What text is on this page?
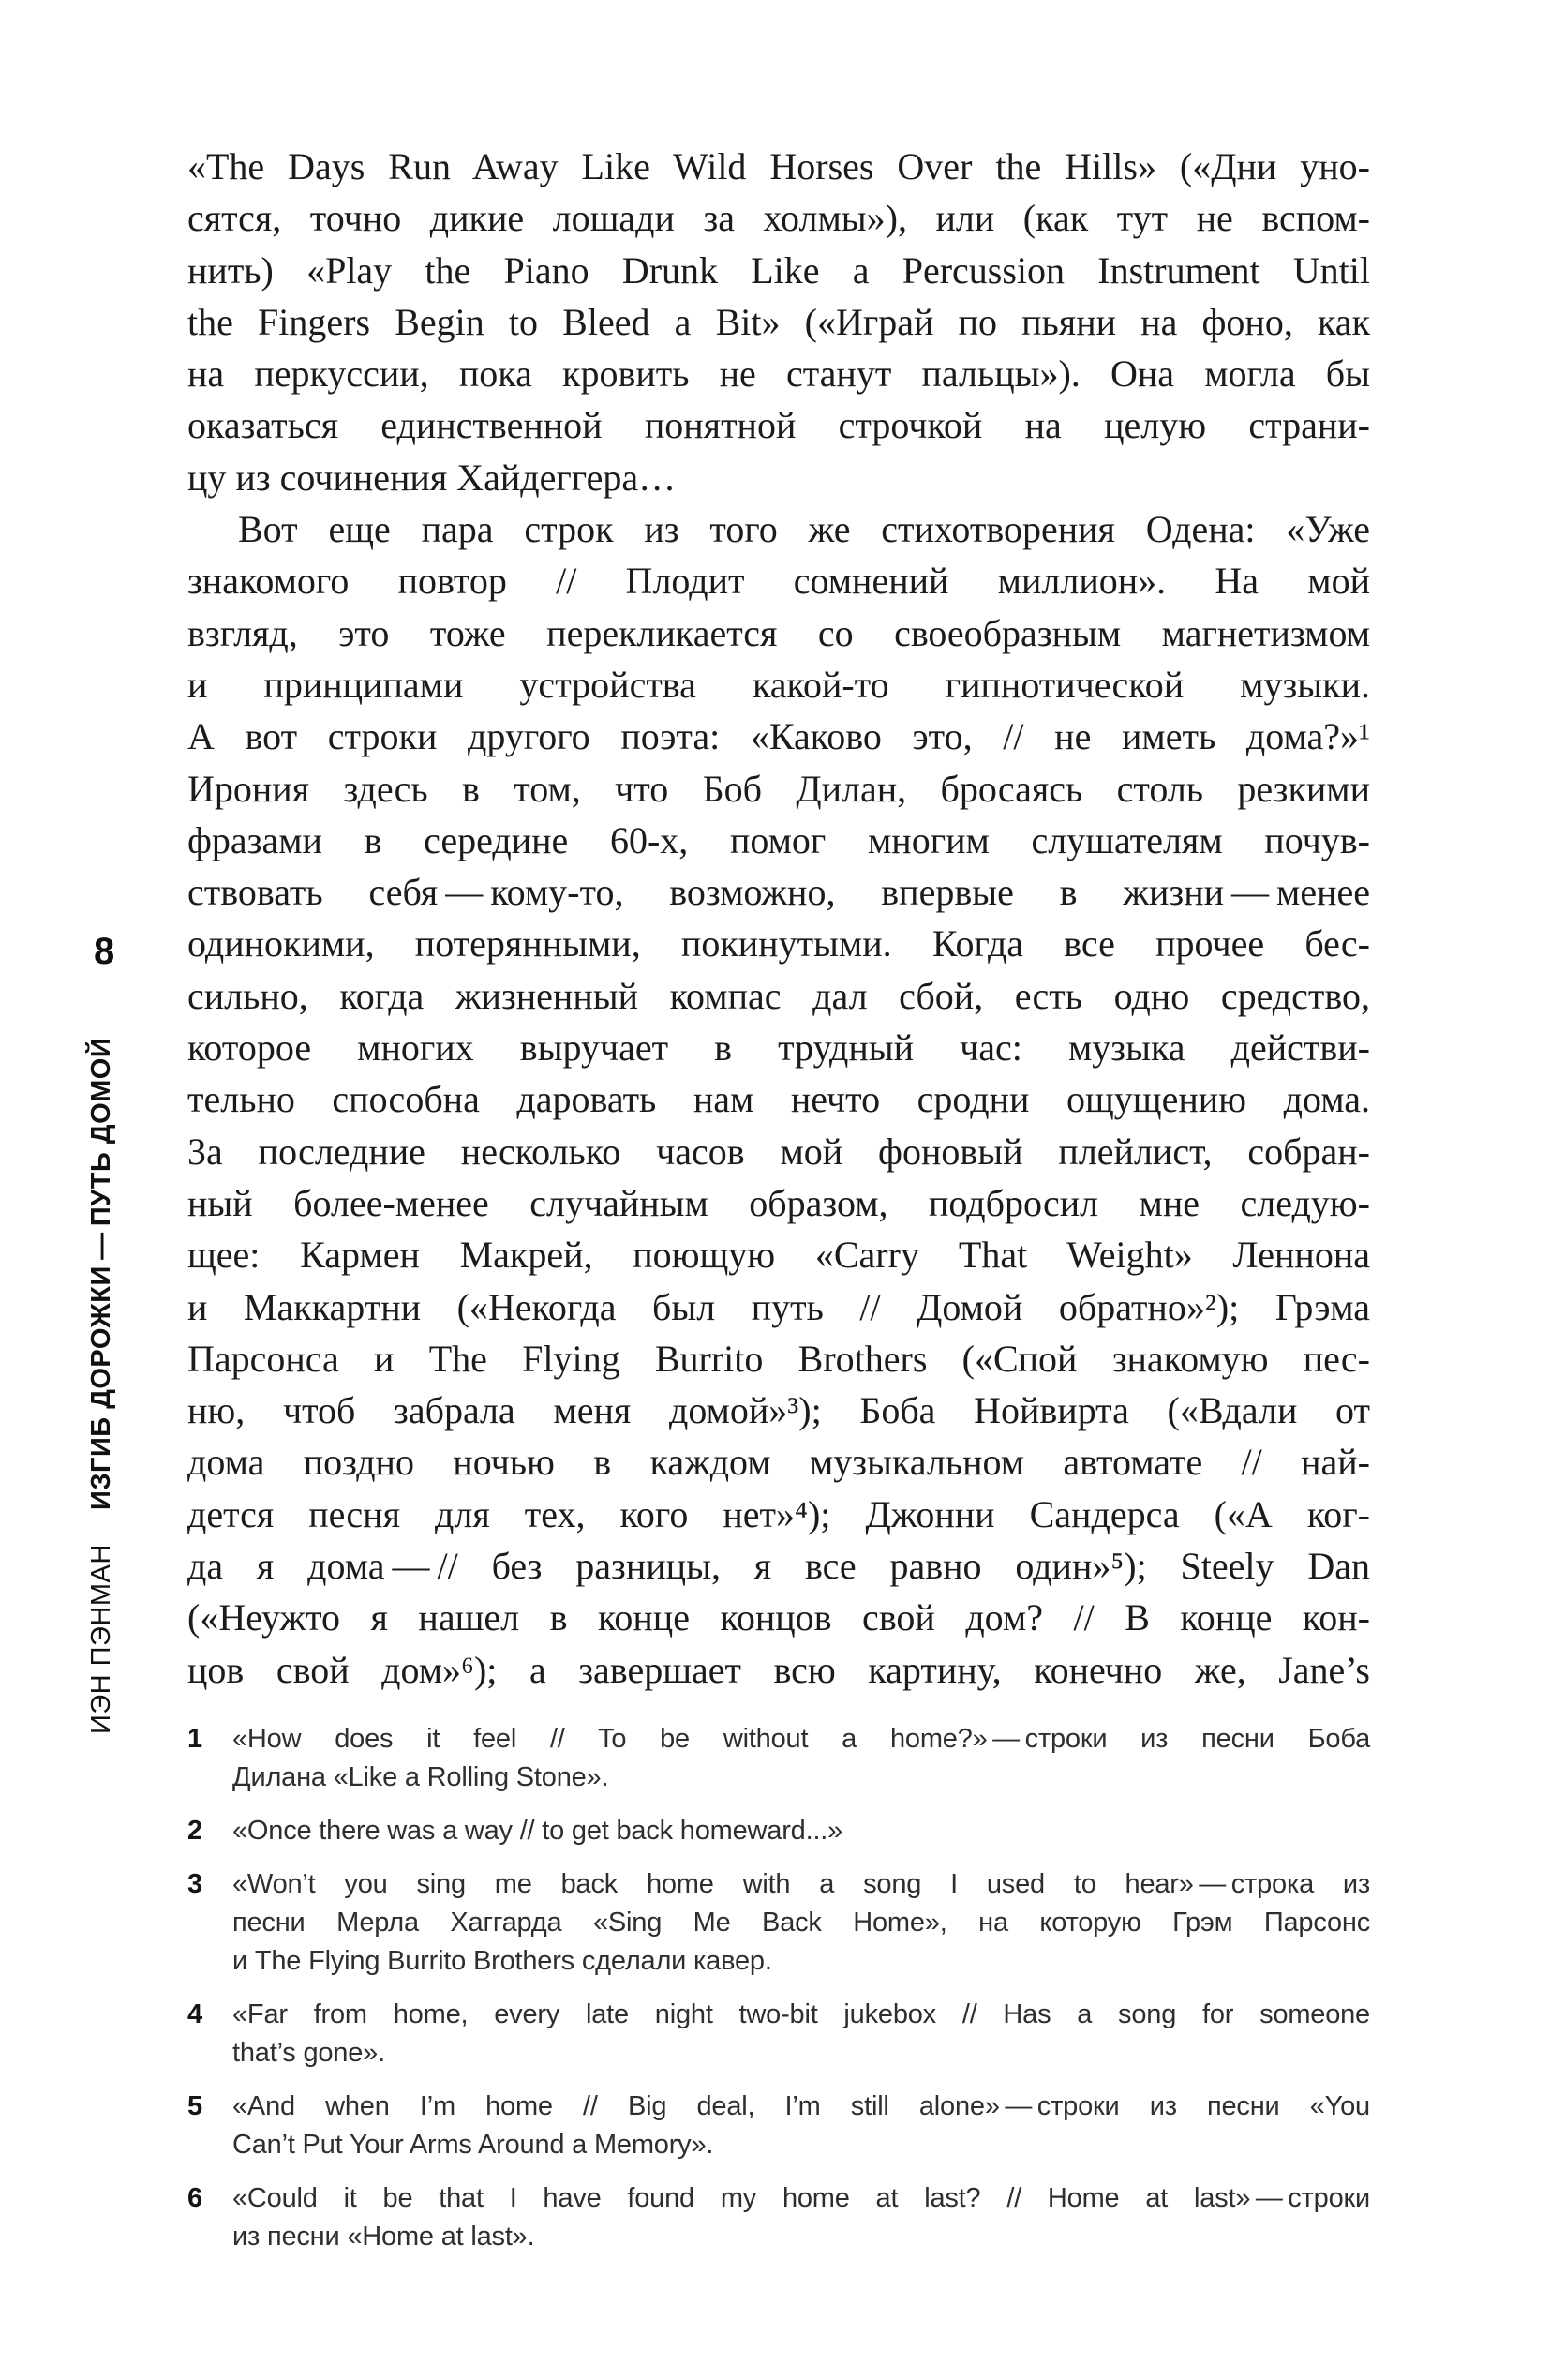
8
ИЭН ПЭНМАНИЗГИБ ДОРОЖКИ — ПУТЬ ДОМОЙ
«The Days Run Away Like Wild Horses Over the Hills» («Дни уно-
сятся, точно дикие лошади за холмы»), или (как тут не вспом-
нить) «Play the Piano Drunk Like a Percussion Instrument Until
the Fingers Begin to Bleed a Bit» («Играй по пьяни на фоно, как
на перкуссии, пока кровить не станут пальцы»). Она могла бы
оказаться единственной понятной строчкой на целую страни-
цу из сочинения Хайдеггера…
Вот еще пара строк из того же стихотворения Одена: «Уже
знакомого повтор // Плодит сомнений миллион». На мой
взгляд, это тоже перекликается со своеобразным магнетизмом
и принципами устройства какой-то гипнотической музыки.
А вот строки другого поэта: «Каково это, // не иметь дома?»¹
Ирония здесь в том, что Боб Дилан, бросаясь столь резкими
фразами в середине 60-х, помог многим слушателям почув-
ствовать себя — кому-то, возможно, впервые в жизни — менее
одинокими, потерянными, покинутыми. Когда все прочее бес-
сильно, когда жизненный компас дал сбой, есть одно средство,
которое многих выручает в трудный час: музыка действи-
тельно способна даровать нам нечто сродни ощущению дома.
За последние несколько часов мой фоновый плейлист, собран-
ный более-менее случайным образом, подбросил мне следую-
щее: Кармен Макрей, поющую «Carry That Weight» Леннона
и Маккартни («Некогда был путь // Домой обратно»²); Грэма
Парсонса и The Flying Burrito Brothers («Спой знакомую пес-
ню, чтоб забрала меня домой»³); Боба Нойвирта («Вдали от
дома поздно ночью в каждом музыкальном автомате // най-
дется песня для тех, кого нет»⁴); Джонни Сандерса («А ког-
да я дома — // без разницы, я все равно один»⁵); Steely Dan
(«Неужто я нашел в конце концов свой дом? // В конце кон-
цов свой дом»⁶); а завершает всю картину, конечно же, Jane’s
1	«How does it feel // To be without a home?» — строки из песни Боба
Дилана «Like a Rolling Stone».
2	«Once there was a way // to get back homeward...»
3	«Won’t you sing me back home with a song I used to hear» — строка из
песни Мерла Хаггарда «Sing Me Back Home», на которую Грэм Парсонс
и The Flying Burrito Brothers сделали кавер.
4	«Far from home, every late night two-bit jukebox // Has a song for someone
that’s gone».
5	«And when I’m home // Big deal, I’m still alone» — строки из песни «You
Can’t Put Your Arms Around a Memory».
6	«Could it be that I have found my home at last? // Home at last» — строки
из песни «Home at last».
